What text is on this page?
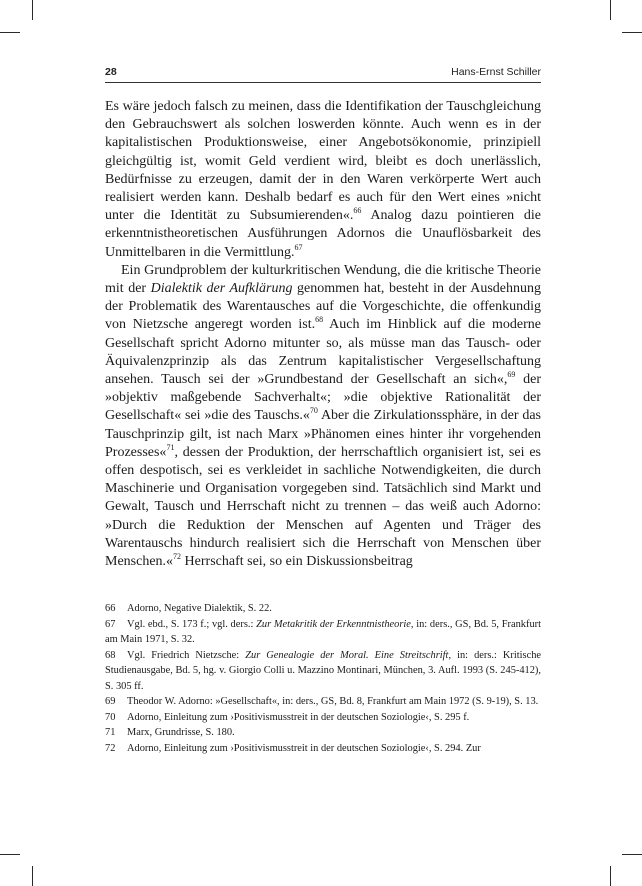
28	Hans-Ernst Schiller

Es wäre jedoch falsch zu meinen, dass die Identifikation der Tauschgleichung den Gebrauchswert als solchen loswerden könnte. Auch wenn es in der kapitalistischen Produktionsweise, einer Angebotsökonomie, prinzipiell gleichgültig ist, womit Geld verdient wird, bleibt es doch unerlässlich, Bedürfnisse zu erzeugen, damit der in den Waren verkörperte Wert auch realisiert werden kann. Deshalb bedarf es auch für den Wert eines »nicht unter die Identität zu Subsumierenden«.$^{66}$ Analog dazu pointieren die erkenntnistheoretischen Ausführungen Adornos die Unauflösbarkeit des Unmittelbaren in die Vermittlung.$^{67}$

Ein Grundproblem der kulturkritischen Wendung, die die kritische Theorie mit der Dialektik der Aufklärung genommen hat, besteht in der Ausdehnung der Problematik des Warentausches auf die Vorgeschichte, die offenkundig von Nietzsche angeregt worden ist.$^{68}$ Auch im Hinblick auf die moderne Gesellschaft spricht Adorno mitunter so, als müsse man das Tausch- oder Äquivalenzprinzip als das Zentrum kapitalistischer Vergesellschaftung ansehen. Tausch sei der »Grundbestand der Gesellschaft an sich«,$^{69}$ der »objektiv maßgebende Sachverhalt«; »die objektive Rationalität der Gesellschaft« sei »die des Tauschs.«$^{70}$ Aber die Zirkulationssphäre, in der das Tauschprinzip gilt, ist nach Marx »Phänomen eines hinter ihr vorgehenden Prozesses«$^{71}$, dessen der Produktion, der herrschaftlich organisiert ist, sei es offen despotisch, sei es verkleidet in sachliche Notwendigkeiten, die durch Maschinerie und Organisation vorgegeben sind. Tatsächlich sind Markt und Gewalt, Tausch und Herrschaft nicht zu trennen – das weiß auch Adorno: »Durch die Reduktion der Menschen auf Agenten und Träger des Warentauschs hindurch realisiert sich die Herrschaft von Menschen über Menschen.«$^{72}$ Herrschaft sei, so ein Diskussionsbeitrag

66 Adorno, Negative Dialektik, S. 22.

67 Vgl. ebd., S. 173 f.; vgl. ders.: Zur Metakritik der Erkenntnistheorie, in: ders., GS, Bd. 5, Frankfurt am Main 1971, S. 32.

68 Vgl. Friedrich Nietzsche: Zur Genealogie der Moral. Eine Streitschrift, in: ders.: Kritische Studienausgabe, Bd. 5, hg. v. Giorgio Colli u. Mazzino Montinari, München, 3. Aufl. 1993 (S. 245-412), S. 305 ff.

69 Theodor W. Adorno: »Gesellschaft«, in: ders., GS, Bd. 8, Frankfurt am Main 1972 (S. 9-19), S. 13.

70 Adorno, Einleitung zum ›Positivismusstreit in der deutschen Soziologie‹, S. 295 f.

71 Marx, Grundrisse, S. 180.

72 Adorno, Einleitung zum ›Positivismusstreit in der deutschen Soziologie‹, S. 294. Zur
